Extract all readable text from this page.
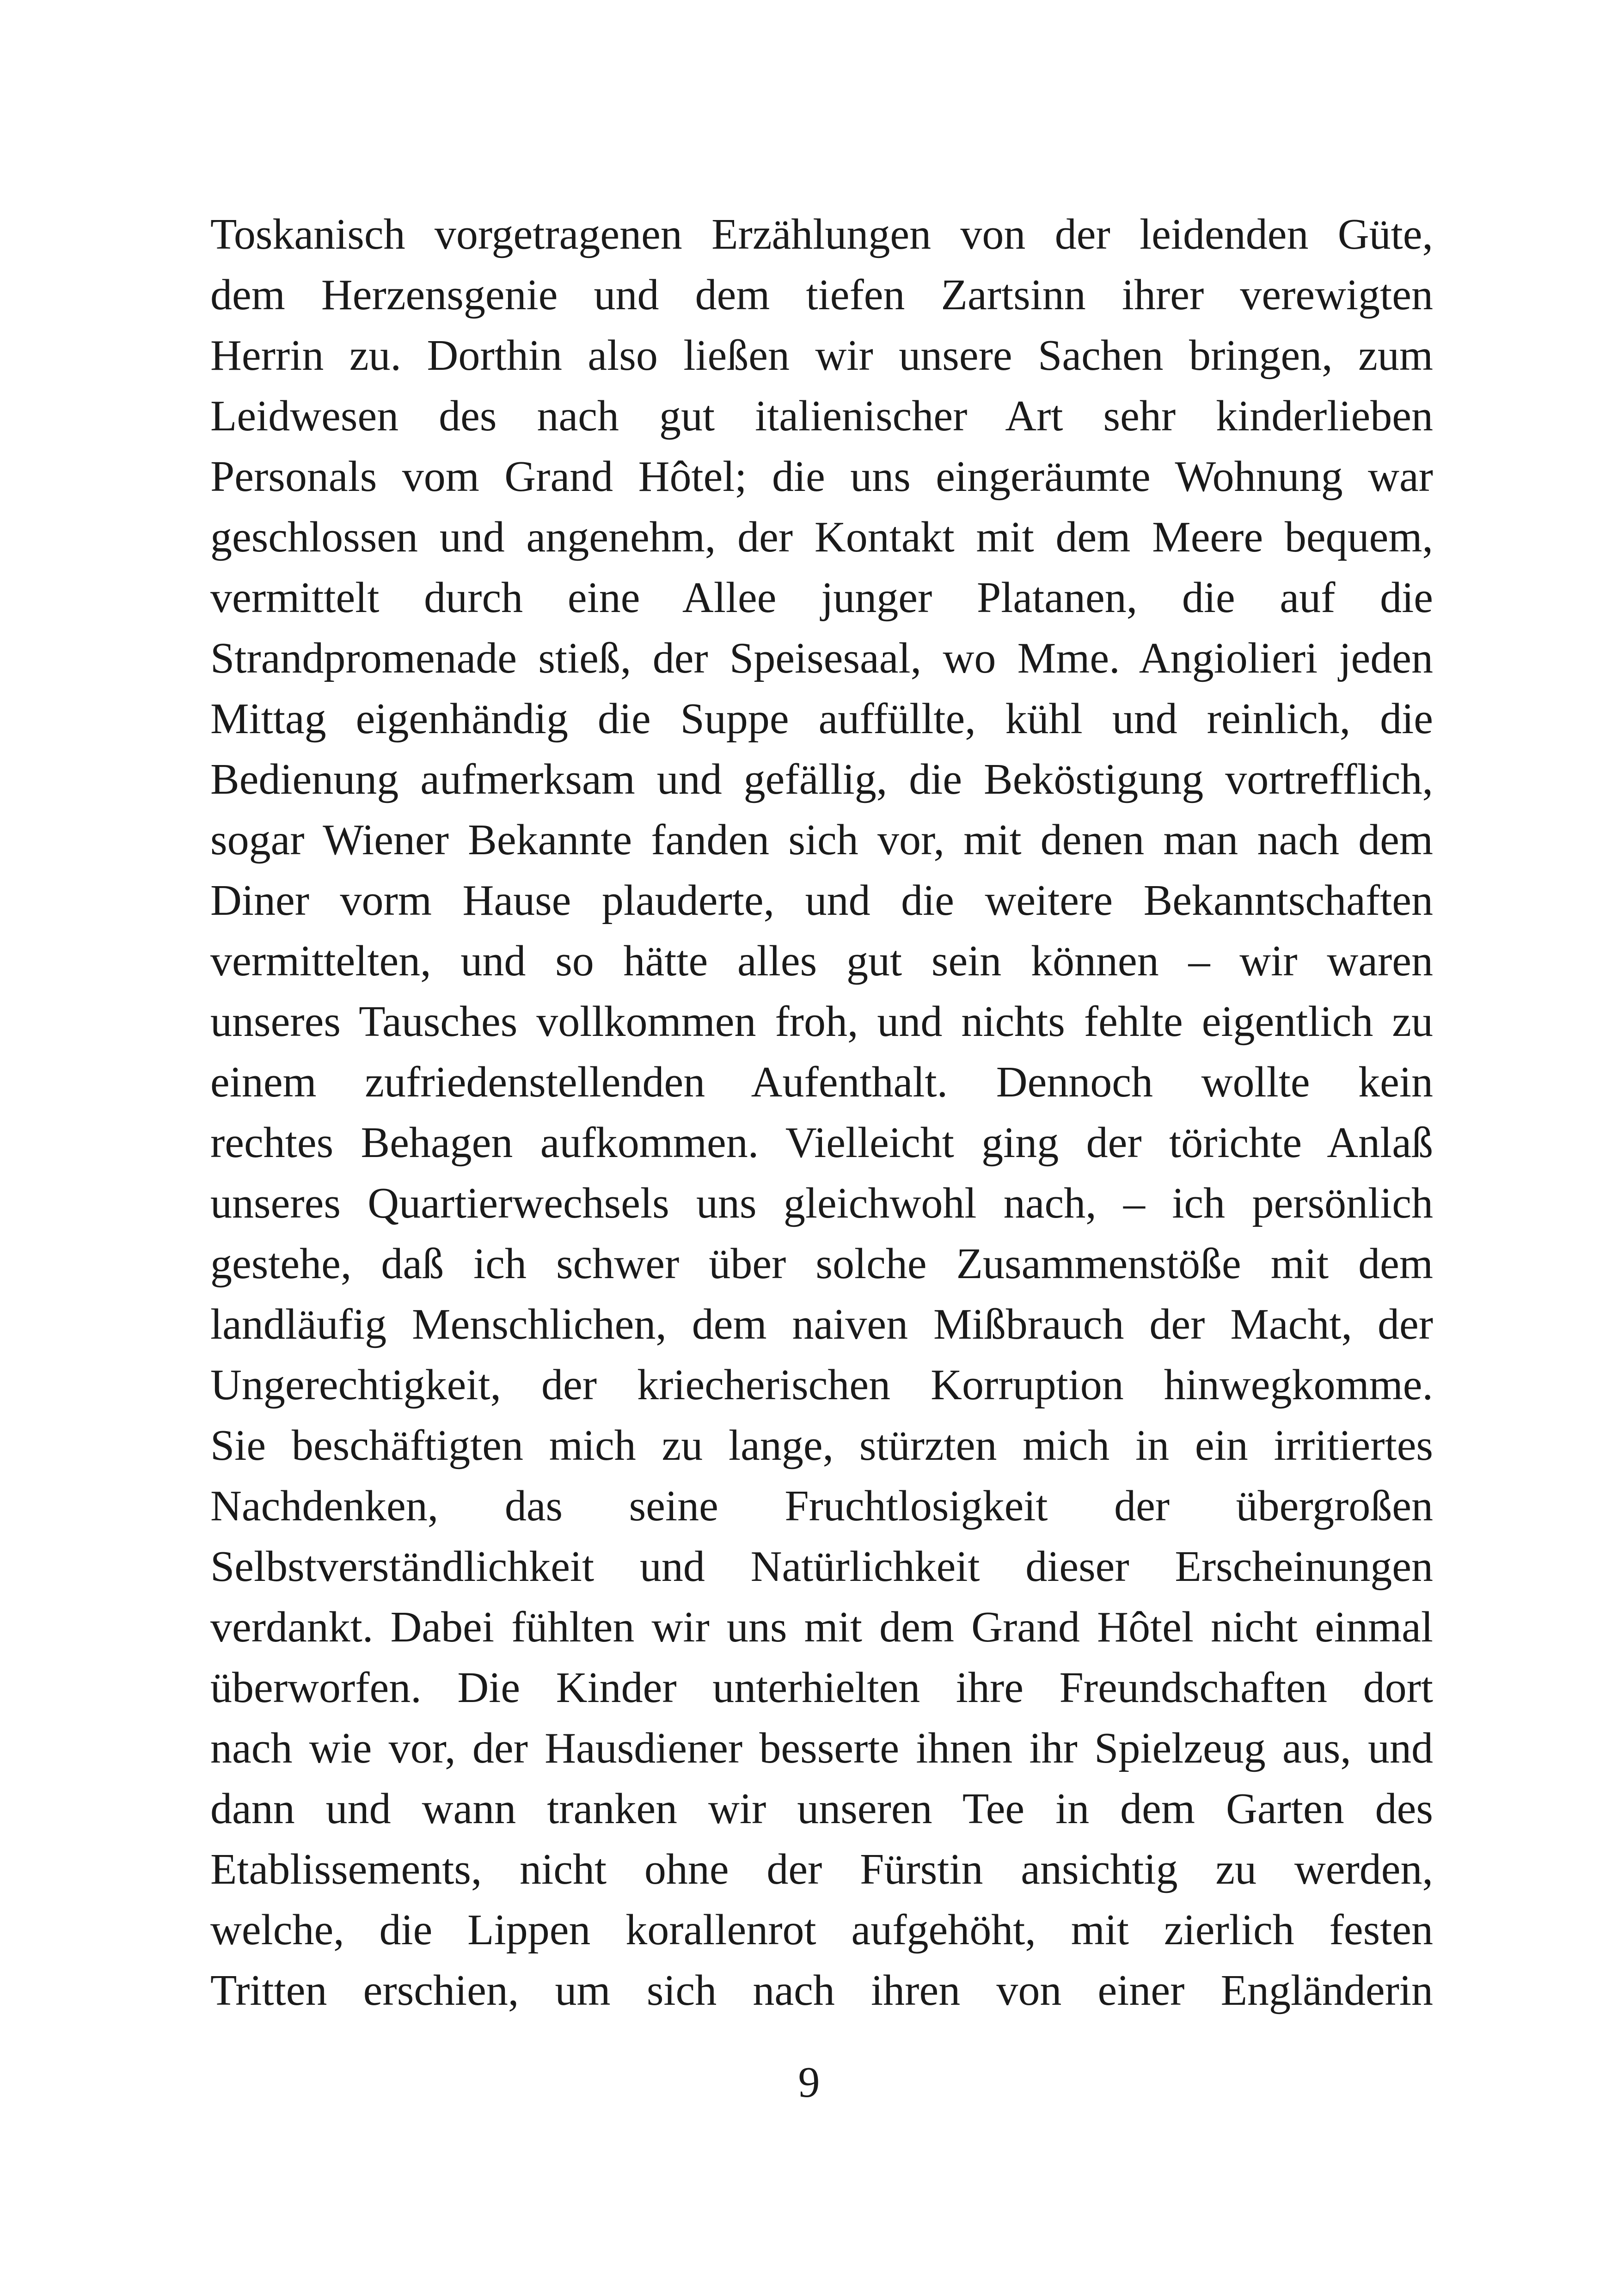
Toskanisch vorgetragenen Erzählungen von der leidenden Güte,
dem Herzensgenie und dem tiefen Zartsinn ihrer verewigten
Herrin zu. Dorthin also ließen wir unsere Sachen bringen, zum
Leidwesen des nach gut italienischer Art sehr kinderlieben
Personals vom Grand Hôtel; die uns eingeräumte Wohnung war
geschlossen und angenehm, der Kontakt mit dem Meere bequem,
vermittelt durch eine Allee junger Platanen, die auf die
Strandpromenade stieß, der Speisesaal, wo Mme. Angiolieri jeden
Mittag eigenhändig die Suppe auffüllte, kühl und reinlich, die
Bedienung aufmerksam und gefällig, die Beköstigung vortrefflich,
sogar Wiener Bekannte fanden sich vor, mit denen man nach dem
Diner vorm Hause plauderte, und die weitere Bekanntschaften
vermittelten, und so hätte alles gut sein können – wir waren
unseres Tausches vollkommen froh, und nichts fehlte eigentlich zu
einem zufriedenstellenden Aufenthalt. Dennoch wollte kein
rechtes Behagen aufkommen. Vielleicht ging der törichte Anlaß
unseres Quartierwechsels uns gleichwohl nach, – ich persönlich
gestehe, daß ich schwer über solche Zusammenstöße mit dem
landläufig Menschlichen, dem naiven Mißbrauch der Macht, der
Ungerechtigkeit, der kriecherischen Korruption hinwegkomme.
Sie beschäftigten mich zu lange, stürzten mich in ein irritiertes
Nachdenken, das seine Fruchtlosigkeit der übergroßen
Selbstverständlichkeit und Natürlichkeit dieser Erscheinungen
verdankt. Dabei fühlten wir uns mit dem Grand Hôtel nicht einmal
überworfen. Die Kinder unterhielten ihre Freundschaften dort
nach wie vor, der Hausdiener besserte ihnen ihr Spielzeug aus, und
dann und wann tranken wir unseren Tee in dem Garten des
Etablissements, nicht ohne der Fürstin ansichtig zu werden,
welche, die Lippen korallenrot aufgehöht, mit zierlich festen
Tritten erschien, um sich nach ihren von einer Engländerin
9
